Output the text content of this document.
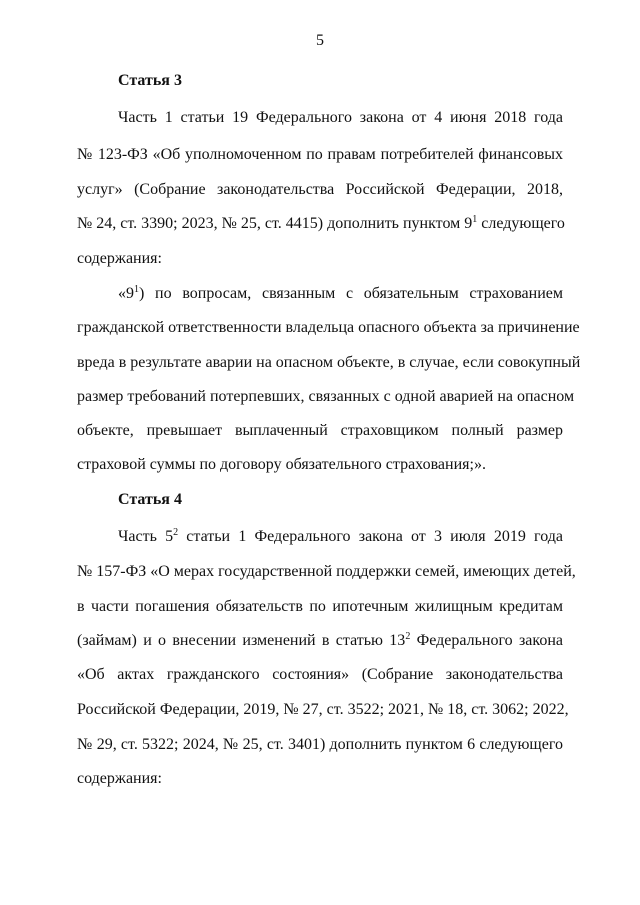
5
Статья 3
Часть 1 статьи 19 Федерального закона от 4 июня 2018 года
№ 123-ФЗ «Об уполномоченном по правам потребителей финансовых
услуг» (Собрание законодательства Российской Федерации, 2018,
№ 24, ст. 3390; 2023, № 25, ст. 4415) дополнить пунктом $9^1$ следующего
содержания:
«$9^1$) по вопросам, связанным с обязательным страхованием
гражданской ответственности владельца опасного объекта за причинение
вреда в результате аварии на опасном объекте, в случае, если совокупный
размер требований потерпевших, связанных с одной аварией на опасном
объекте, превышает выплаченный страховщиком полный размер
страховой суммы по договору обязательного страхования;».
Статья 4
Часть $5^2$ статьи 1 Федерального закона от 3 июля 2019 года
№ 157-ФЗ «О мерах государственной поддержки семей, имеющих детей,
в части погашения обязательств по ипотечным жилищным кредитам
(займам) и о внесении изменений в статью $13^2$ Федерального закона
«Об актах гражданского состояния» (Собрание законодательства
Российской Федерации, 2019, № 27, ст. 3522; 2021, № 18, ст. 3062; 2022,
№ 29, ст. 5322; 2024, № 25, ст. 3401) дополнить пунктом 6 следующего
содержания:
